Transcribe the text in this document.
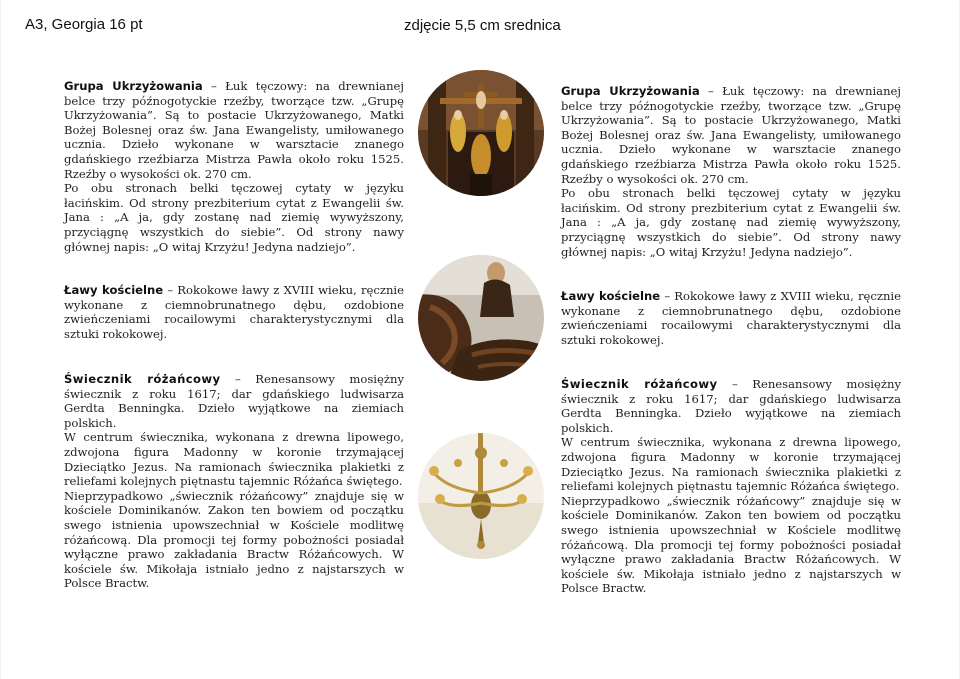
A3, Georgia 16 pt	zdjęcie 5,5 cm srednica

Grupa Ukrzyżowania – Łuk tęczowy: na drewnianej belce trzy późnogotyckie rzeźby, tworzące tzw. „Grupę Ukrzyżowania”. Są to postacie Ukrzyżowanego, Matki Bożej Bolesnej oraz św. Jana Ewangelisty, umiłowanego ucznia. Dzieło wykonane w warsztacie znanego gdańskiego rzeźbiarza Mistrza Pawła około roku 1525. Rzeźby o wysokości ok. 270 cm.

Po obu stronach belki tęczowej cytaty w języku łacińskim. Od strony prezbiterium cytat z Ewangelii św. Jana : „A ja, gdy zostanę nad ziemię wywyższony, przyciągnę wszystkich do siebie”. Od strony nawy głównej napis: „O witaj Krzyżu! Jedyna nadziejo”.

Ławy kościelne – Rokokowe ławy z XVIII wieku, ręcznie wykonane z ciemnobrunatnego dębu, ozdobione zwieńczeniami rocailowymi charakterystycznymi dla sztuki rokokowej.

Świecznik różańcowy – Renesansowy mosiężny świecznik z roku 1617; dar gdańskiego ludwisarza Gerdta Benningka. Dzieło wyjątkowe na ziemiach polskich.

W centrum świecznika, wykonana z drewna lipowego, zdwojona figura Madonny w koronie trzymającej Dzieciątko Jezus. Na ramionach świecznika plakietki z reliefami kolejnych piętnastu tajemnic Różańca świętego.

Nieprzypadkowo „świecznik różańcowy” znajduje się w kościele Dominikanów. Zakon ten bowiem od początku swego istnienia upowszechniał w Kościele modlitwę różańcową. Dla promocji tej formy pobożności posiadał wyłączne prawo zakładania Bractw Różańcowych. W kościele św. Mikołaja istniało jedno z najstarszych w Polsce Bractw.

Grupa Ukrzyżowania – Łuk tęczowy: na drewnianej belce trzy późnogotyckie rzeźby, tworzące tzw. „Grupę Ukrzyżowania”. Są to postacie Ukrzyżowanego, Matki Bożej Bolesnej oraz św. Jana Ewangelisty, umiłowanego ucznia. Dzieło wykonane w warsztacie znanego gdańskiego rzeźbiarza Mistrza Pawła około roku 1525. Rzeźby o wysokości ok. 270 cm.

Po obu stronach belki tęczowej cytaty w języku łacińskim. Od strony prezbiterium cytat z Ewangelii św. Jana : „A ja, gdy zostanę nad ziemię wywyższony, przyciągnę wszystkich do siebie”. Od strony nawy głównej napis: „O witaj Krzyżu! Jedyna nadziejo”.

Ławy kościelne – Rokokowe ławy z XVIII wieku, ręcznie wykonane z ciemnobrunatnego dębu, ozdobione zwieńczeniami rocailowymi charakterystycznymi dla sztuki rokokowej.

Świecznik różańcowy – Renesansowy mosiężny świecznik z roku 1617; dar gdańskiego ludwisarza Gerdta Benningka. Dzieło wyjątkowe na ziemiach polskich.

W centrum świecznika, wykonana z drewna lipowego, zdwojona figura Madonny w koronie trzymającej Dzieciątko Jezus. Na ramionach świecznika plakietki z reliefami kolejnych piętnastu tajemnic Różańca świętego.

Nieprzypadkowo „świecznik różańcowy” znajduje się w kościele Dominikanów. Zakon ten bowiem od początku swego istnienia upowszechniał w Kościele modlitwę różańcową. Dla promocji tej formy pobożności posiadał wyłączne prawo zakładania Bractw Różańcowych. W kościele św. Mikołaja istniało jedno z najstarszych w Polsce Bractw.
